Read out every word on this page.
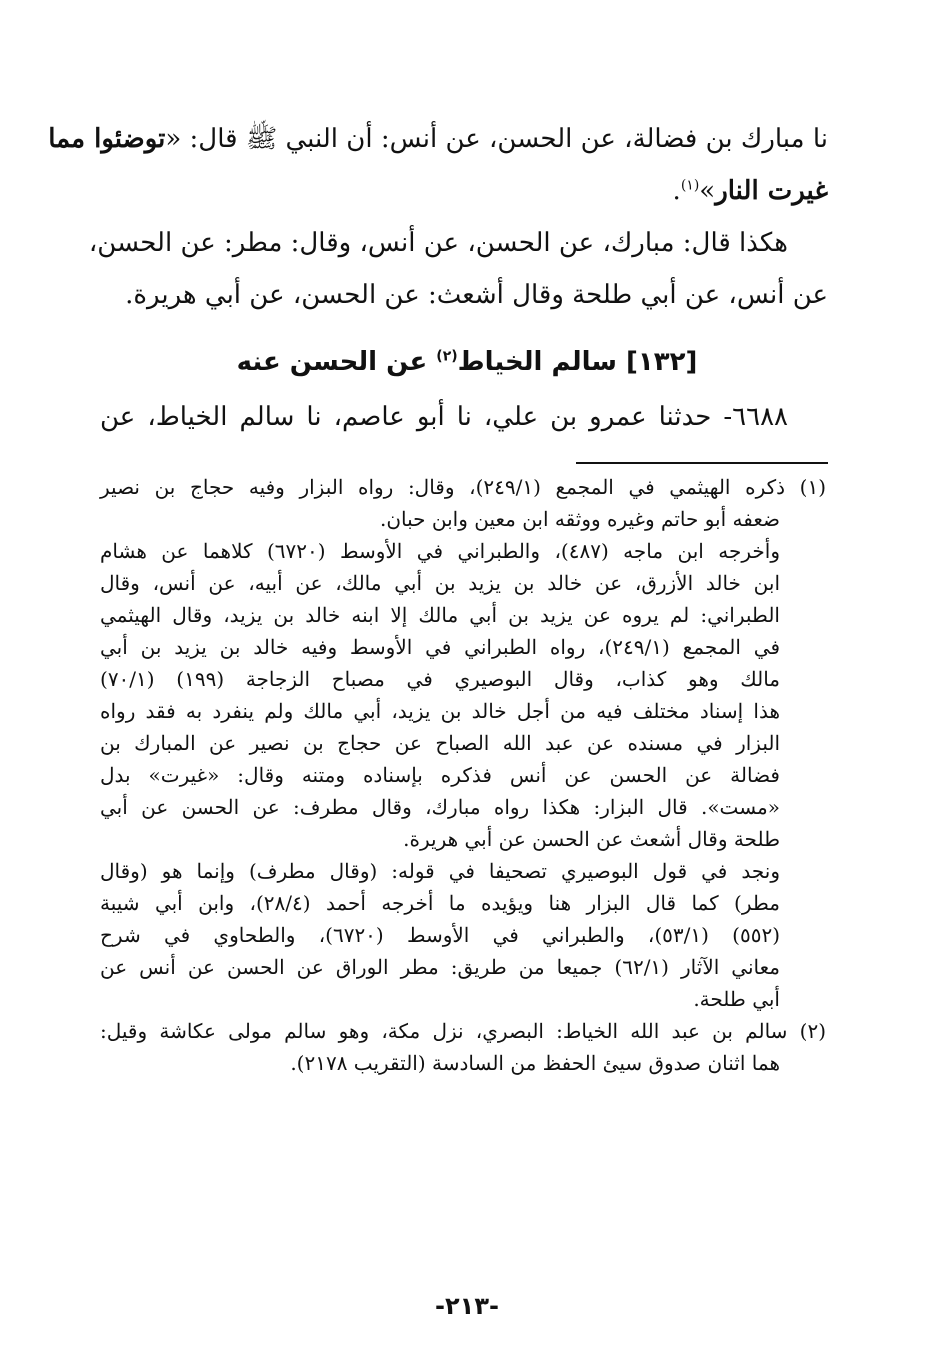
نا مبارك بن فضالة، عن الحسن، عن أنس: أن النبي ﷺ قال: «توضئوا مما
غيرت النار»$^{(١)}$.
هكذا قال: مبارك، عن الحسن، عن أنس، وقال: مطر: عن الحسن،
عن أنس، عن أبي طلحة وقال أشعث: عن الحسن، عن أبي هريرة.
[١٣٢] سالم الخياط$^{(٢)}$ عن الحسن عنه
٦٦٨٨- حدثنا عمرو بن علي، نا أبو عاصم، نا سالم الخياط، عن
(١) ذكره الهيثمي في المجمع (٢٤٩/١)، وقال: رواه البزار وفيه حجاج بن نصير
ضعفه أبو حاتم وغيره ووثقه ابن معين وابن حبان.
وأخرجه ابن ماجه (٤٨٧)، والطبراني في الأوسط (٦٧٢٠) كلاهما عن هشام
ابن خالد الأزرق، عن خالد بن يزيد بن أبي مالك، عن أبيه، عن أنس، وقال
الطبراني: لم يروه عن يزيد بن أبي مالك إلا ابنه خالد بن يزيد، وقال الهيثمي
في المجمع (٢٤٩/١)، رواه الطبراني في الأوسط وفيه خالد بن يزيد بن أبي
مالك وهو كذاب، وقال البوصيري في مصباح الزجاجة (١٩٩) (٧٠/١)
هذا إسناد مختلف فيه من أجل خالد بن يزيد، أبي مالك ولم ينفرد به فقد رواه
البزار في مسنده عن عبد الله الصباح عن حجاج بن نصير عن المبارك بن
فضالة عن الحسن عن أنس فذكره بإسناده ومتنه وقال: «غيرت» بدل
«مست». قال البزار: هكذا رواه مبارك، وقال مطرف: عن الحسن عن أبي
طلحة وقال أشعث عن الحسن عن أبي هريرة.
ونجد في قول البوصيري تصحيفا في قوله: (وقال مطرف) وإنما هو (وقال
مطر) كما قال البزار هنا ويؤيده ما أخرجه أحمد (٢٨/٤)، وابن أبي شيبة
(٥٥٢) (٥٣/١)، والطبراني في الأوسط (٦٧٢٠)، والطحاوي في شرح
معاني الآثار (٦٢/١) جميعا من طريق: مطر الوراق عن الحسن عن أنس عن
أبي طلحة.
(٢) سالم بن عبد الله الخياط: البصري، نزل مكة، وهو سالم مولى عكاشة وقيل:
هما اثنان صدوق سيئ الحفظ من السادسة (التقريب ٢١٧٨).
-٢١٣-
